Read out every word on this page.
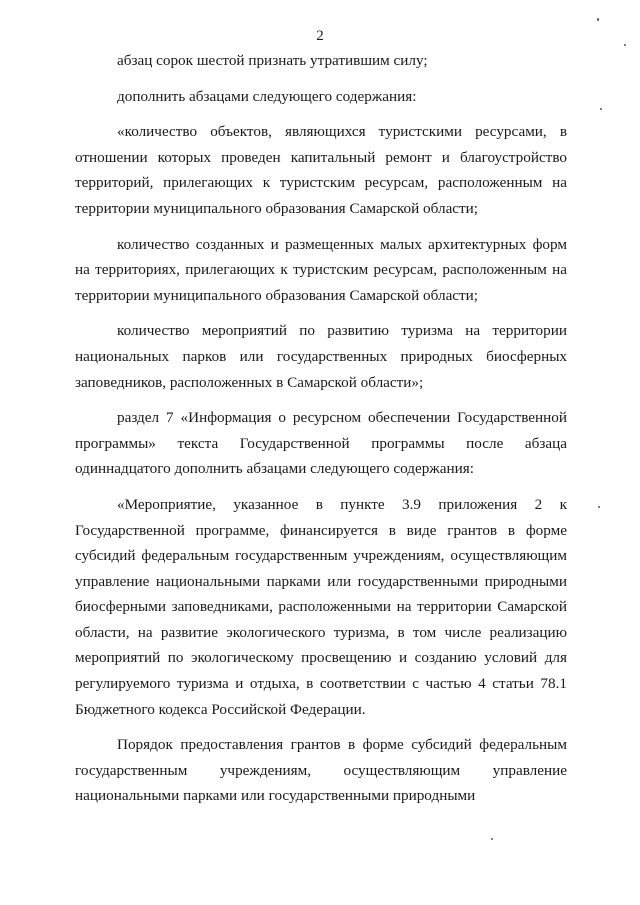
2

абзац сорок шестой признать утратившим силу;

дополнить абзацами следующего содержания:

«количество объектов, являющихся туристскими ресурсами, в отношении которых проведен капитальный ремонт и благоустройство территорий, прилегающих к туристским ресурсам, расположенным на территории муниципального образования Самарской области;

количество созданных и размещенных малых архитектурных форм на территориях, прилегающих к туристским ресурсам, расположенным на территории муниципального образования Самарской области;

количество мероприятий по развитию туризма на территории национальных парков или государственных природных биосферных заповедников, расположенных в Самарской области»;

раздел 7 «Информация о ресурсном обеспечении Государственной программы» текста Государственной программы после абзаца одиннадцатого дополнить абзацами следующего содержания:

«Мероприятие, указанное в пункте 3.9 приложения 2 к Государственной программе, финансируется в виде грантов в форме субсидий федеральным государственным учреждениям, осуществляющим управление национальными парками или государственными природными биосферными заповедниками, расположенными на территории Самарской области, на развитие экологического туризма, в том числе реализацию мероприятий по экологическому просвещению и созданию условий для регулируемого туризма и отдыха, в соответствии с частью 4 статьи 78.1 Бюджетного кодекса Российской Федерации.

Порядок предоставления грантов в форме субсидий федеральным государственным учреждениям, осуществляющим управление национальными парками или государственными природными
